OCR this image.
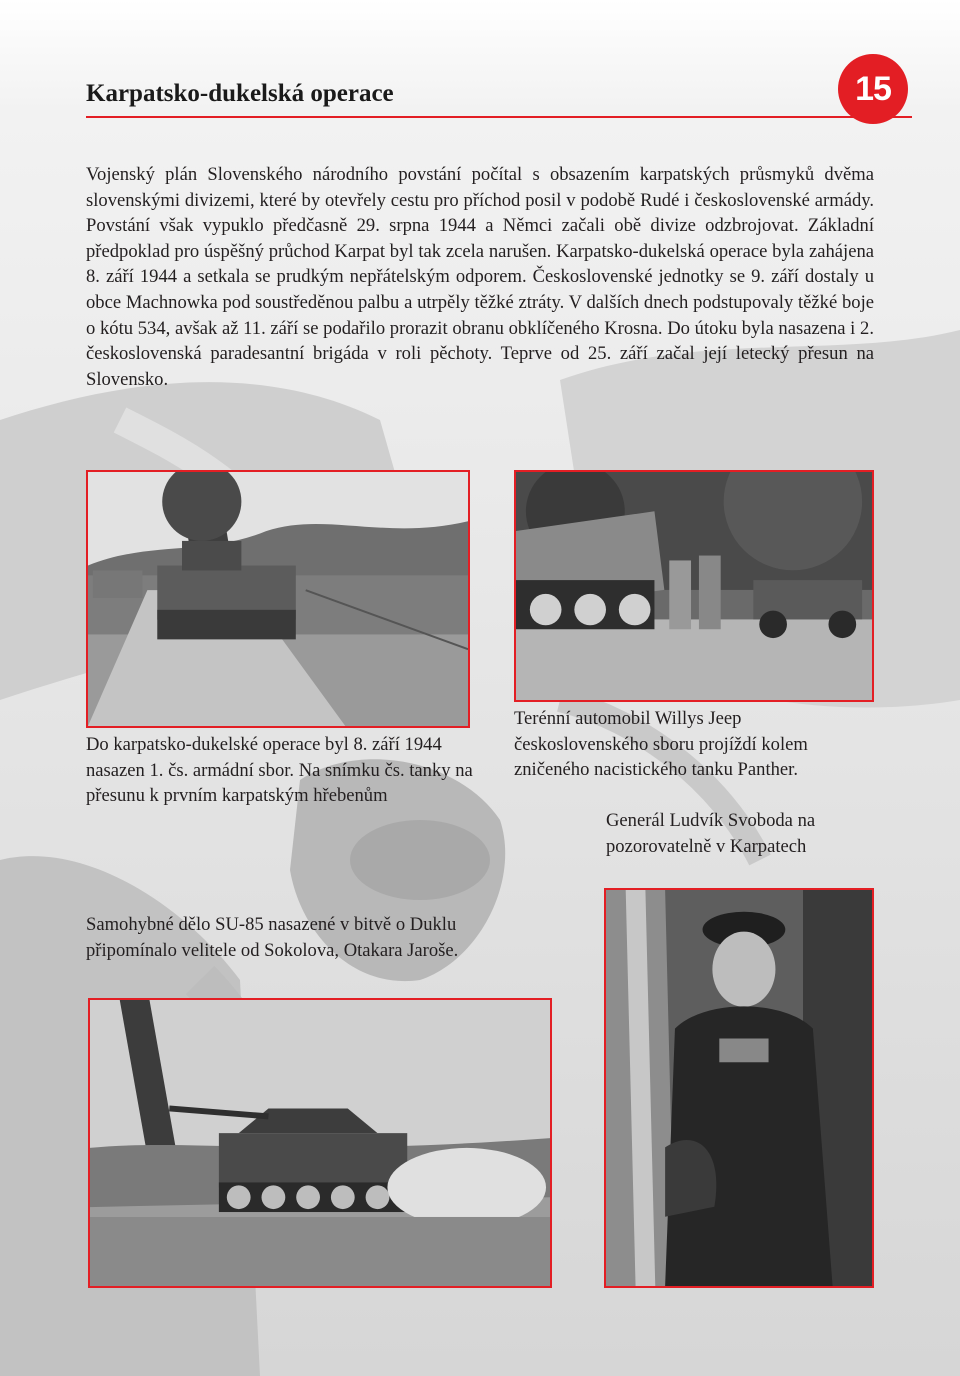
Karpatsko-dukelská operace	15

Vojenský plán Slovenského národního povstání počítal s obsazením karpatských průsmyků dvěma slovenskými divizemi, které by otevřely cestu pro příchod posil v podobě Rudé i československé armády. Povstání však vypuklo předčasně 29. srpna 1944 a Němci začali obě divize odzbrojovat. Základní předpoklad pro úspěšný průchod Karpat byl tak zcela narušen. Karpatsko-dukelská operace byla zahájena 8. září 1944 a setkala se prudkým nepřátelským odporem. Československé jednotky se 9. září dostaly u obce Machnowka pod soustředěnou palbu a utrpěly těžké ztráty. V dalších dnech podstupovaly těžké boje o kótu 534, avšak až 11. září se podařilo prorazit obranu obklíčeného Krosna. Do útoku byla nasazena i 2. československá paradesantní brigáda v roli pěchoty. Teprve od 25. září začal její letecký přesun na Slovensko.

Do karpatsko-dukelské operace byl 8. září 1944 nasazen 1. čs. armádní sbor. Na snímku čs. tanky na přesunu k prvním karpatským hřebenům

Terénní automobil Willys Jeep československého sboru projíždí kolem zničeného nacistického tanku Panther.

Generál Ludvík Svoboda na pozorovatelně v Karpatech

Samohybné dělo SU-85 nasazené v bitvě o Duklu připomínalo velitele od Sokolova, Otakara Jaroše.
